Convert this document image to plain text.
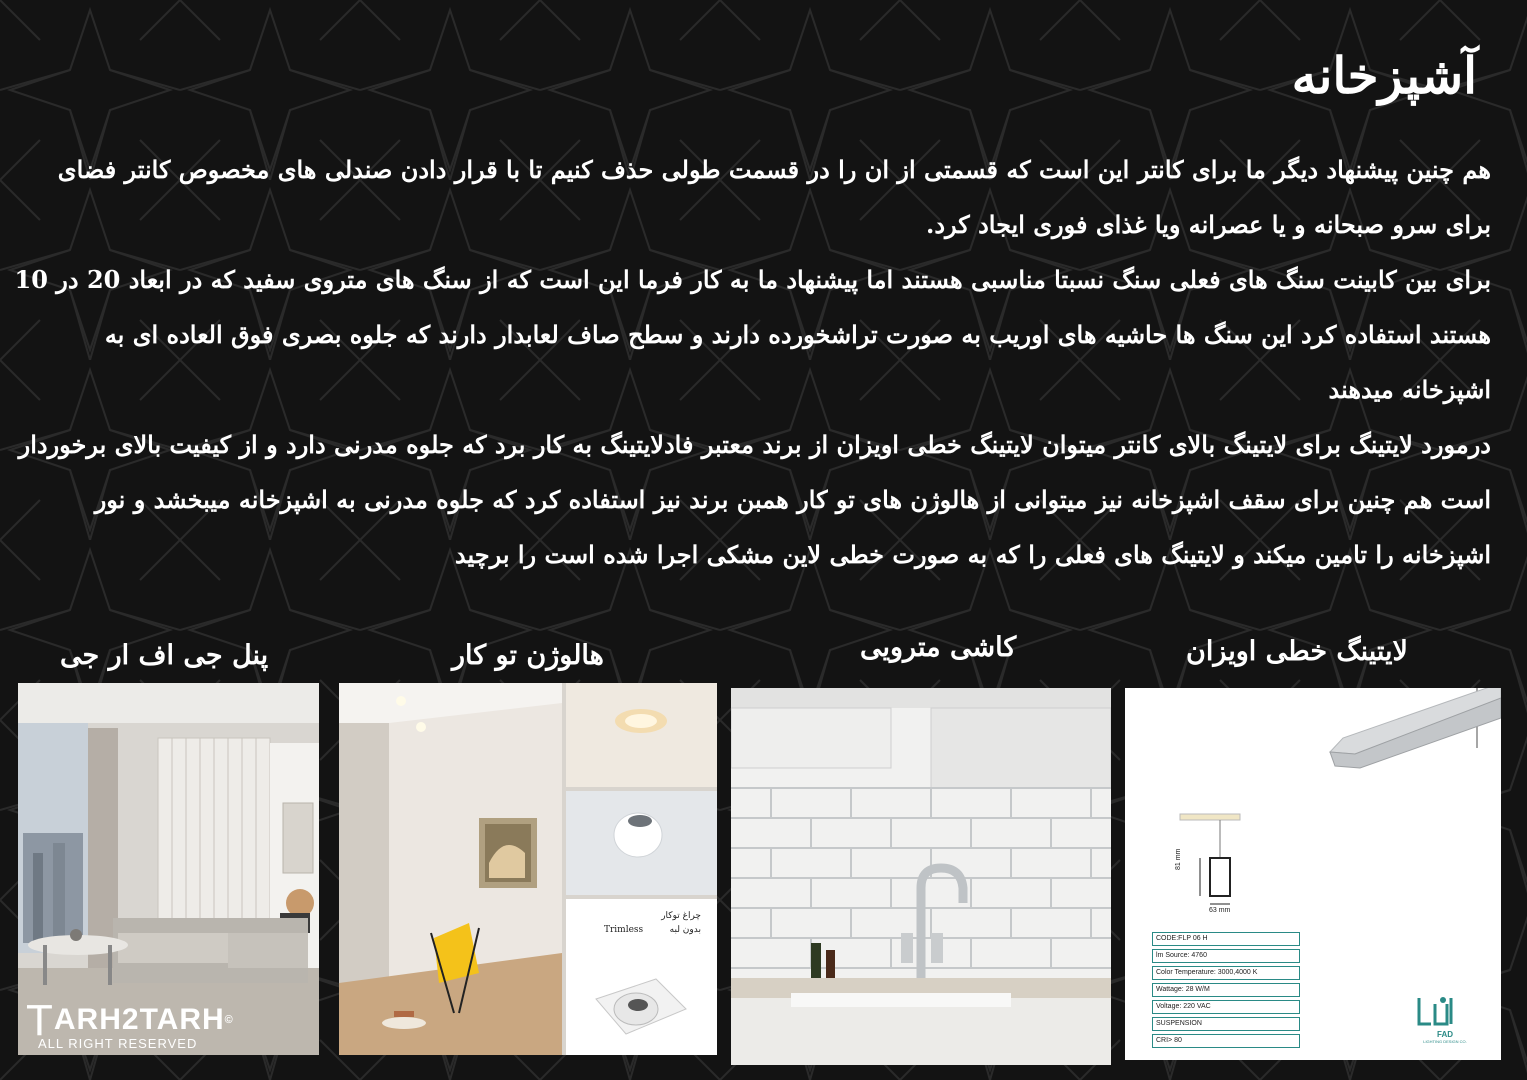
آشپزخانه

هم چنین پیشنهاد دیگر ما برای کانتر این است که قسمتی از ان را در قسمت طولی حذف کنیم تا با قرار دادن صندلی های مخصوص کانتر فضای برای سرو صبحانه و یا عصرانه ویا غذای فوری ایجاد کرد.

برای بین کابینت سنگ های فعلی سنگ نسبتا مناسبی هستند اما پیشنهاد ما به کار فرما این است که از سنگ های متروی سفید که در ابعاد 20 در 10 هستند استفاده کرد این سنگ ها حاشیه های اوریب به صورت تراشخورده دارند و سطح صاف لعابدار دارند که جلوه بصری فوق العاده ای به اشپزخانه میدهند

درمورد لایتینگ برای لایتینگ بالای کانتر میتوان لایتینگ خطی اویزان از برند معتبر فادلایتینگ به کار برد که جلوه مدرنی دارد و از کیفیت بالای برخوردار است هم چنین برای سقف اشپزخانه نیز میتوانی از هالوژن های تو کار همبن برند نیز استفاده کرد که جلوه مدرنی به اشپزخانه میبخشد و نور اشپزخانه را تامین میکند و لایتینگ های فعلی را که به صورت خطی لاین مشکی اجرا شده است را برچید

پنل جی اف ار جی	هالوژن تو کار	کاشی مترویی	لایتینگ خطی اویزان
TARH2TARH©
ALL RIGHT RESERVED
چراغ توکار
Trimless	بدون لبه
81 mm
63 mm
CODE:FLP 06 H
lm Source: 4760
Color Temperature: 3000,4000 K
Wattage: 28 W/M
Voltage: 220 VAC
SUSPENSION
CRI> 80
FAD
LIGHTING DESIGN CO.
